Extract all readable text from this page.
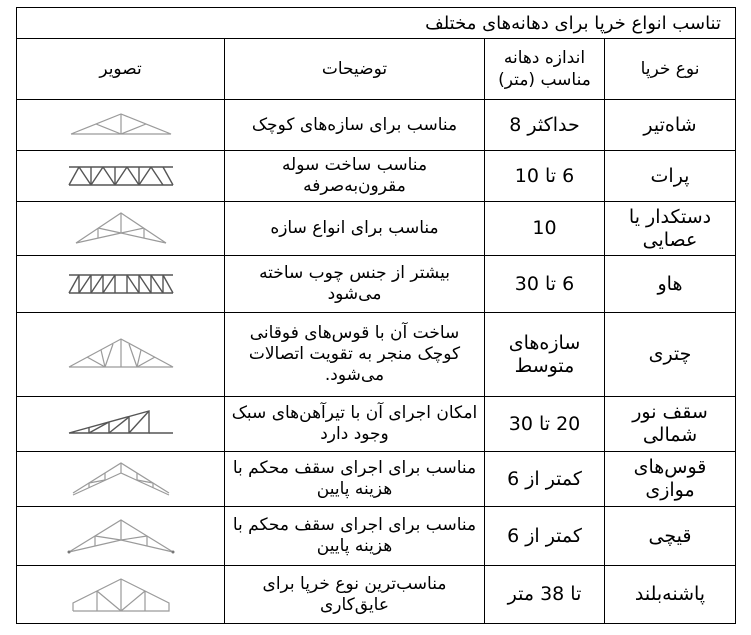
تناسب انواع خرپا برای دهانه‌های مختلف			
نوع خرپا	اندازه دهانه مناسب (متر)	توضیحات	تصویر
شاه‌تیر	حداکثر 8	مناسب برای سازه‌های کوچک	

پرات	6 تا 10	مناسب ساخت سوله مقرون‌به‌صرفه	

دستکدار یا عصایی	10	مناسب برای انواع سازه	

هاو	6 تا 30	بیشتر از جنس چوب ساخته می‌شود	

چتری	سازه‌های متوسط	ساخت آن با قوس‌های فوقانی کوچک منجر به تقویت اتصالات می‌شود.	

سقف نور شمالی	20 تا 30	امکان اجرای آن با تیرآهن‌های سبک وجود دارد	

قوس‌های موازی	کمتر از 6	مناسب برای اجرای سقف محکم با هزینه پایین	

قیچی	کمتر از 6	مناسب برای اجرای سقف محکم با هزینه پایین	

پاشنه‌بلند	تا 38 متر	مناسب‌ترین نوع خرپا برای عایق‌کاری	
